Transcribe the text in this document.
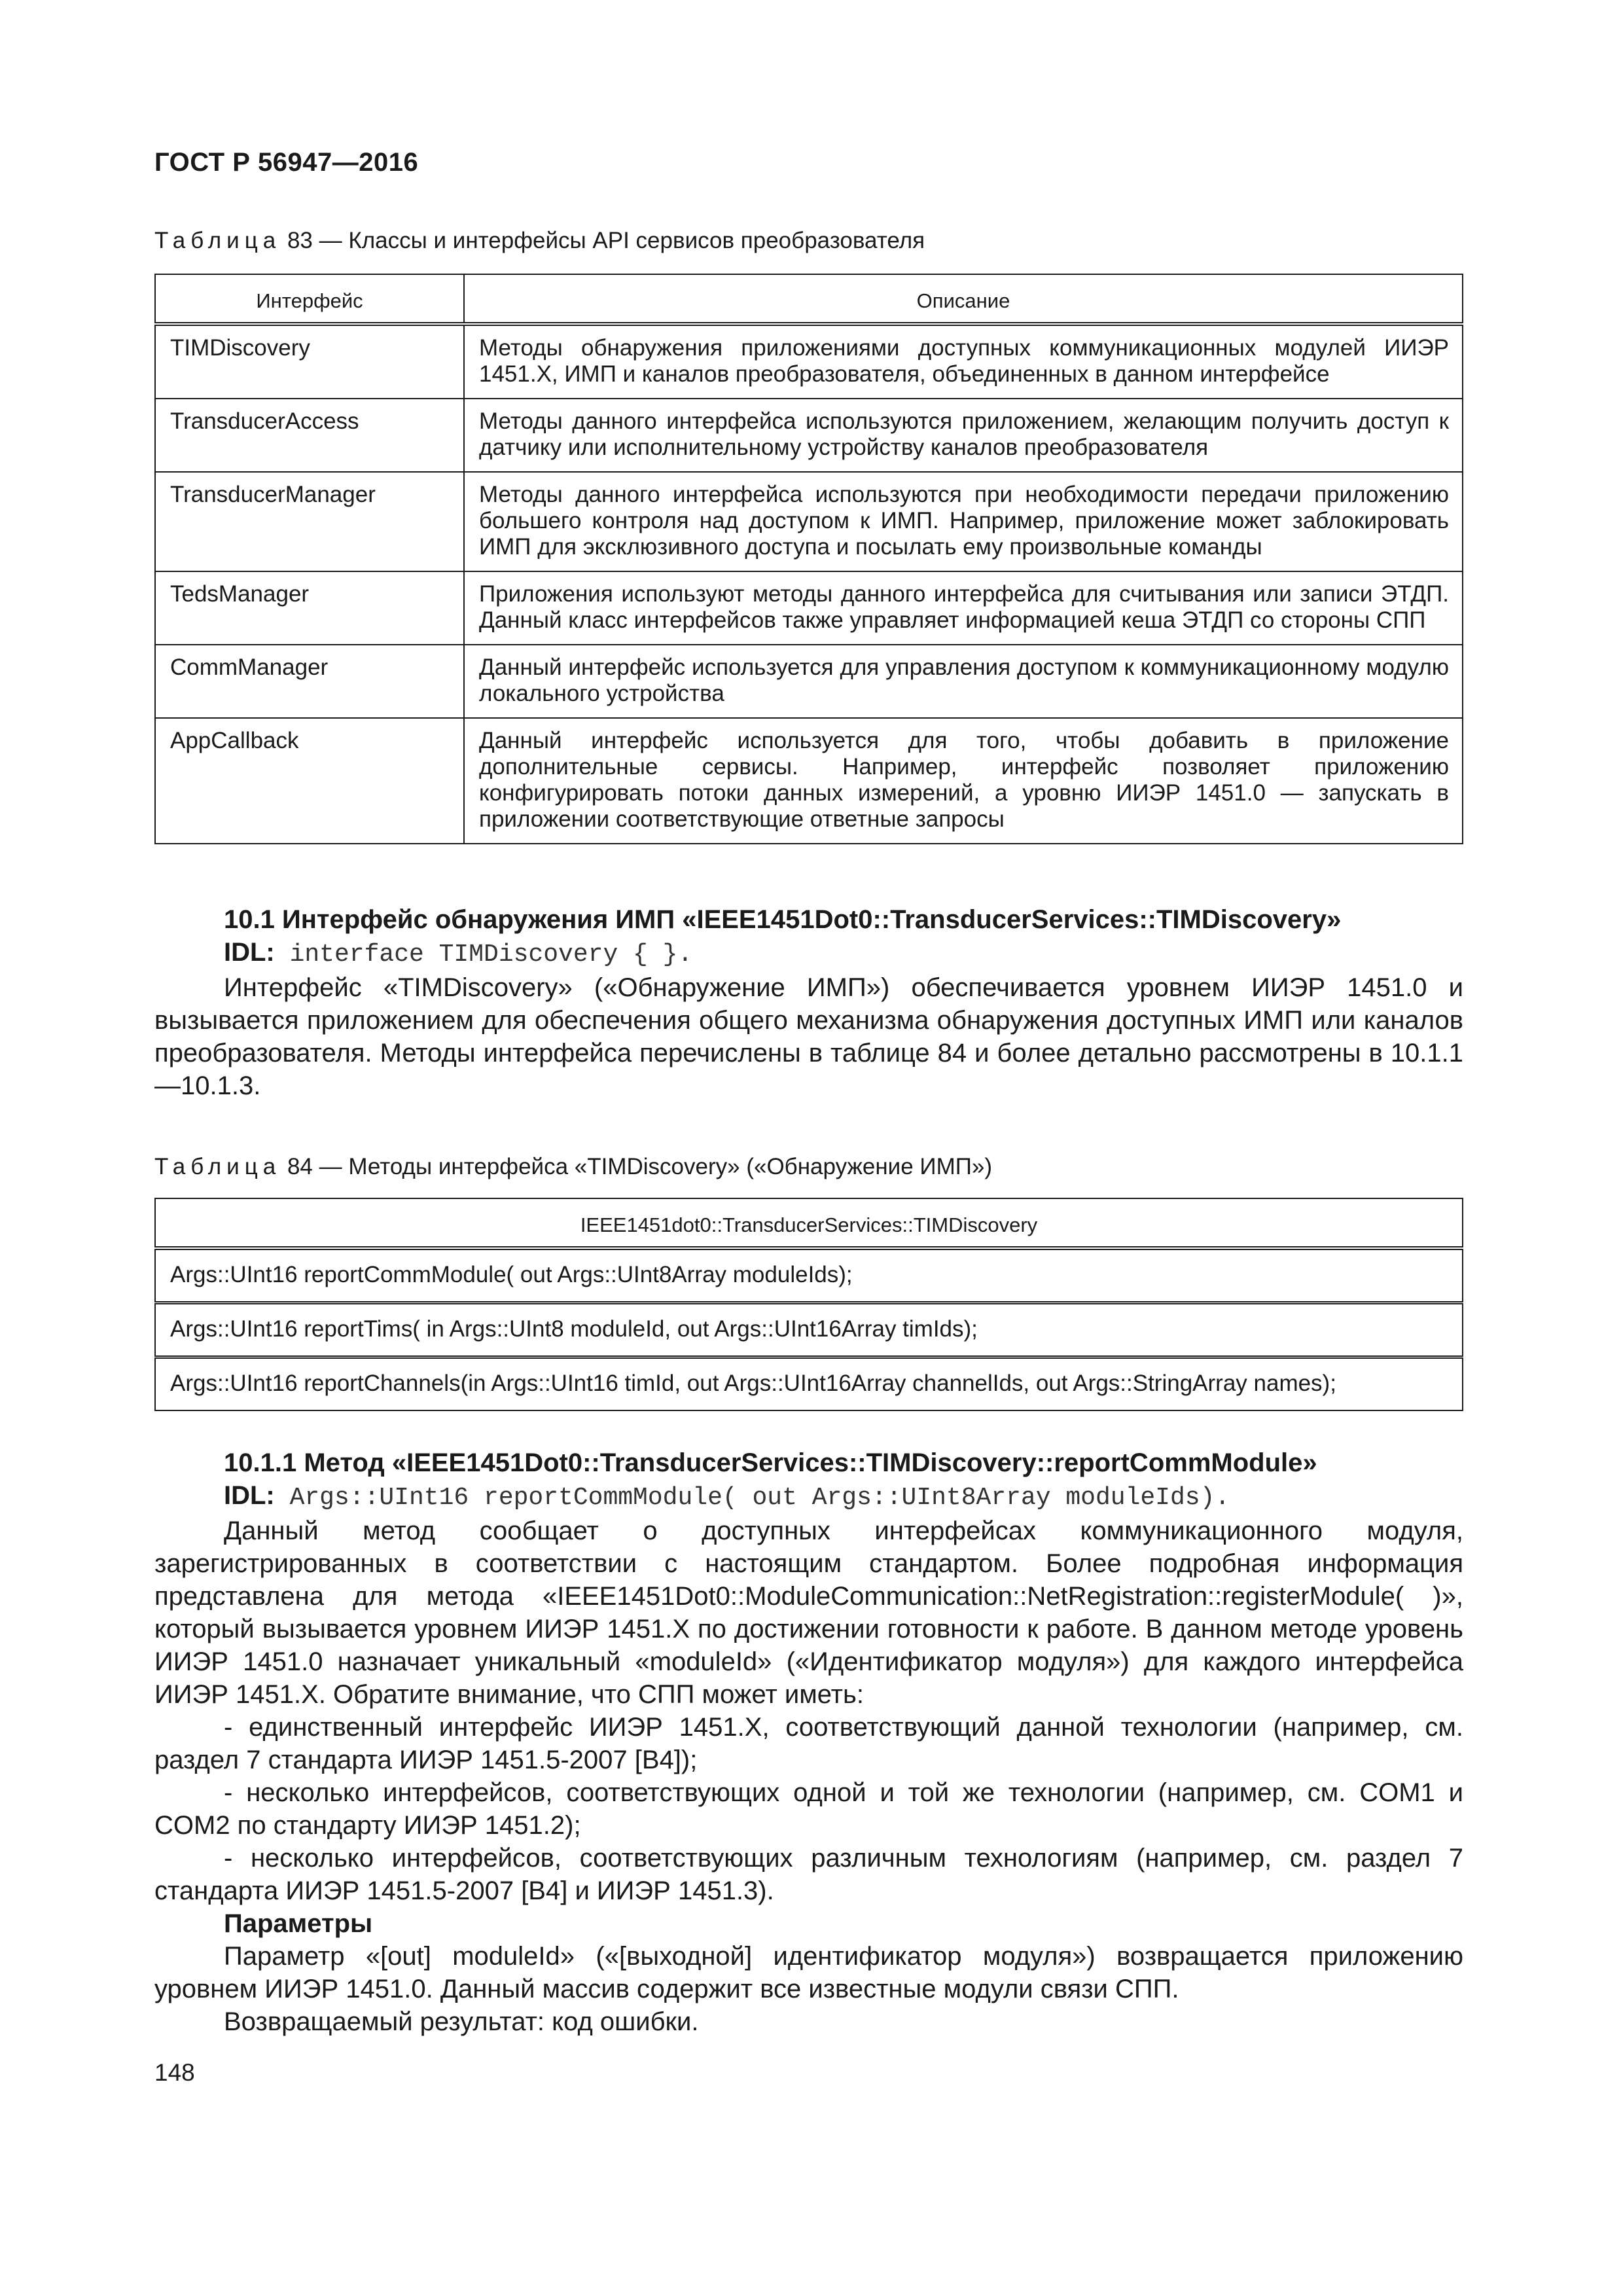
ГОСТ Р 56947—2016
Таблица 83 — Классы и интерфейсы API сервисов преобразователя
Интерфейс	Описание
TIMDiscovery	Методы обнаружения приложениями доступных коммуникационных модулей ИИЭР 1451.X, ИМП и каналов преобразователя, объединенных в данном интерфейсе
TransducerAccess	Методы данного интерфейса используются приложением, желающим получить доступ к датчику или исполнительному устройству каналов преобразователя
TransducerManager	Методы данного интерфейса используются при необходимости передачи приложению большего контроля над доступом к ИМП. Например, приложение может заблокировать ИМП для эксклюзивного доступа и посылать ему произвольные команды
TedsManager	Приложения используют методы данного интерфейса для считывания или записи ЭТДП. Данный класс интерфейсов также управляет информацией кеша ЭТДП со стороны СПП
CommManager	Данный интерфейс используется для управления доступом к коммуникационному модулю локального устройства
AppCallback	Данный интерфейс используется для того, чтобы добавить в приложение дополнительные сервисы. Например, интерфейс позволяет приложению конфигурировать потоки данных измерений, а уровню ИИЭР 1451.0 — запускать в приложении соответствующие ответные запросы

10.1 Интерфейс обнаружения ИМП «IEEE1451Dot0::TransducerServices::TIMDiscovery»

IDL: interface TIMDiscovery { }.

Интерфейс «TIMDiscovery» («Обнаружение ИМП») обеспечивается уровнем ИИЭР 1451.0 и вызывается приложением для обеспечения общего механизма обнаружения доступных ИМП или каналов преобразователя. Методы интерфейса перечислены в таблице 84 и более детально рассмотрены в 10.1.1—10.1.3.

Таблица 84 — Методы интерфейса «TIMDiscovery» («Обнаружение ИМП»)
IEEE1451dot0::TransducerServices::TIMDiscovery
Args::UInt16 reportCommModule( out Args::UInt8Array moduleIds);
Args::UInt16 reportTims( in Args::UInt8 moduleId, out Args::UInt16Array timIds);
Args::UInt16 reportChannels(in Args::UInt16 timId, out Args::UInt16Array channelIds, out Args::StringArray names);

10.1.1 Метод «IEEE1451Dot0::TransducerServices::TIMDiscovery::reportCommModule»

IDL: Args::UInt16 reportCommModule( out Args::UInt8Array moduleIds).

Данный метод сообщает о доступных интерфейсах коммуникационного модуля, зарегистрированных в соответствии с настоящим стандартом. Более подробная информация представлена для метода «IEEE1451Dot0::ModuleCommunication::NetRegistration::registerModule( )», который вызывается уровнем ИИЭР 1451.X по достижении готовности к работе. В данном методе уровень ИИЭР 1451.0 назначает уникальный «moduleId» («Идентификатор модуля») для каждого интерфейса ИИЭР 1451.X. Обратите внимание, что СПП может иметь:

- единственный интерфейс ИИЭР 1451.X, соответствующий данной технологии (например, см. раздел 7 стандарта ИИЭР 1451.5-2007 [B4]);

- несколько интерфейсов, соответствующих одной и той же технологии (например, см. COM1 и COM2 по стандарту ИИЭР 1451.2);

- несколько интерфейсов, соответствующих различным технологиям (например, см. раздел 7 стандарта ИИЭР 1451.5-2007 [B4] и ИИЭР 1451.3).

Параметры

Параметр «[out] moduleId» («[выходной] идентификатор модуля») возвращается приложению уровнем ИИЭР 1451.0. Данный массив содержит все известные модули связи СПП.

Возвращаемый результат: код ошибки.

148
